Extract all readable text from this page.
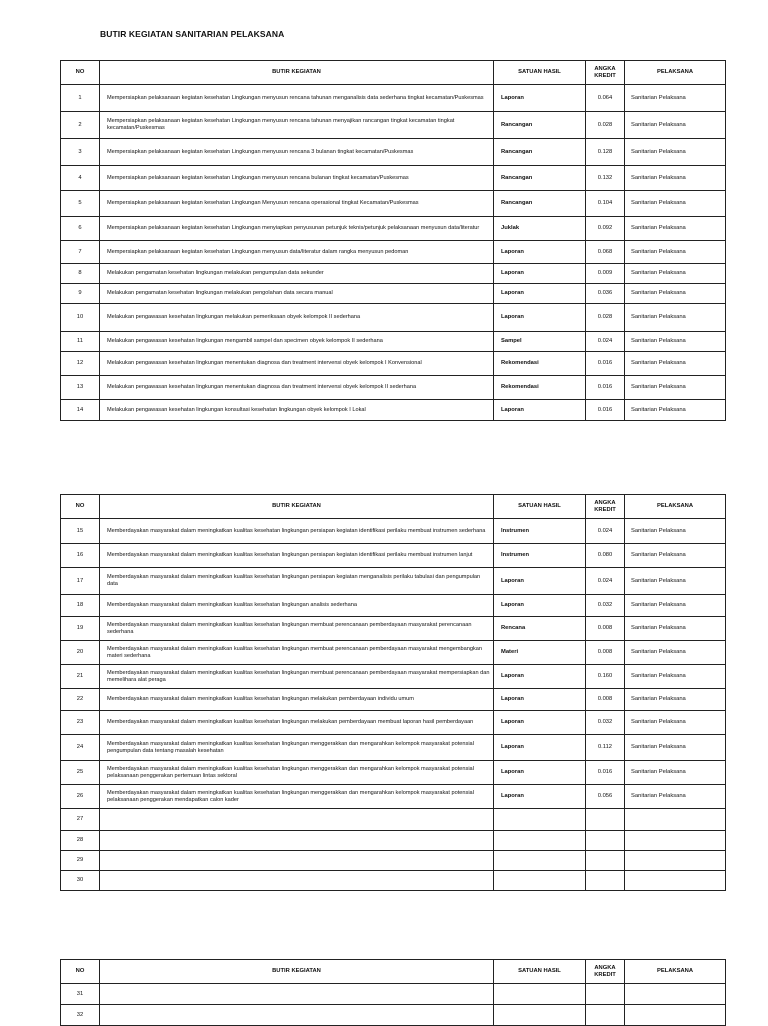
BUTIR KEGIATAN SANITARIAN PELAKSANA
NO	BUTIR KEGIATAN	SATUAN HASIL	ANGKA KREDIT	PELAKSANA
1	Mempersiapkan pelaksanaan kegiatan kesehatan Lingkungan menyusun rencana tahunan menganalisis data sederhana tingkat kecamatan/Puskesmas	Laporan	0.064	Sanitarian Pelaksana
2	Mempersiapkan pelaksanaan kegiatan kesehatan Lingkungan menyusun rencana tahunan menyajikan rancangan tingkat kecamatan tingkat kecamatan/Puskesmas	Rancangan	0.028	Sanitarian Pelaksana
3	Mempersiapkan pelaksanaan kegiatan kesehatan Lingkungan menyusun rencana 3 bulanan tingkat kecamatan/Puskesmas	Rancangan	0.128	Sanitarian Pelaksana
4	Mempersiapkan pelaksanaan kegiatan kesehatan Lingkungan menyusun rencana bulanan tingkat kecamatan/Puskesmas	Rancangan	0.132	Sanitarian Pelaksana
5	Mempersiapkan pelaksanaan kegiatan kesehatan Lingkungan Menyusun rencana operasional tingkat Kecamatan/Puskesmas	Rancangan	0.104	Sanitarian Pelaksana
6	Mempersiapkan pelaksanaan kegiatan kesehatan Lingkungan menyiapkan penyusunan petunjuk teknis/petunjuk pelaksanaan menyusun data/literatur	Juklak	0.092	Sanitarian Pelaksana
7	Mempersiapkan pelaksanaan kegiatan kesehatan Lingkungan menyusun data/literatur dalam rangka menyusun pedoman	Laporan	0.068	Sanitarian Pelaksana
8	Melakukan pengamatan kesehatan lingkungan melakukan pengumpulan data sekunder	Laporan	0.009	Sanitarian Pelaksana
9	Melakukan pengamatan kesehatan lingkungan melakukan pengolahan data secara manual	Laporan	0.036	Sanitarian Pelaksana
10	Melakukan pengawasan kesehatan lingkungan melakukan pemeriksaan obyek kelompok II sederhana	Laporan	0.028	Sanitarian Pelaksana
11	Melakukan pengawasan kesehatan lingkungan mengambil sampel dan specimen obyek kelompok II sederhana	Sampel	0.024	Sanitarian Pelaksana
12	Melakukan pengawasan kesehatan lingkungan menentukan diagnosa dan treatment intervensi obyek kelompok I Konvensional	Rekomendasi	0.016	Sanitarian Pelaksana
13	Melakukan pengawasan kesehatan lingkungan menentukan diagnosa dan treatment intervensi obyek kelompok II sederhana	Rekomendasi	0.016	Sanitarian Pelaksana
14	Melakukan pengawasan kesehatan lingkungan konsultasi kesehatan lingkungan obyek kelompok I Lokal	Laporan	0.016	Sanitarian Pelaksana
NO	BUTIR KEGIATAN	SATUAN HASIL	ANGKA KREDIT	PELAKSANA
15	Memberdayakan masyarakat dalam meningkatkan kualitas kesehatan lingkungan persiapan kegiatan identifikasi perilaku membuat instrumen sederhana	Instrumen	0.024	Sanitarian Pelaksana
16	Memberdayakan masyarakat dalam meningkatkan kualitas kesehatan lingkungan persiapan kegiatan identifikasi perilaku membuat instrumen lanjut	Instrumen	0.080	Sanitarian Pelaksana
17	Memberdayakan masyarakat dalam meningkatkan kualitas kesehatan lingkungan persiapan kegiatan menganalisis perilaku tabulasi dan pengumpulan data	Laporan	0.024	Sanitarian Pelaksana
18	Memberdayakan masyarakat dalam meningkatkan kualitas kesehatan lingkungan analisis sederhana	Laporan	0.032	Sanitarian Pelaksana
19	Memberdayakan masyarakat dalam meningkatkan kualitas kesehatan lingkungan membuat perencanaan pemberdayaan masyarakat perencanaan sederhana	Rencana	0.008	Sanitarian Pelaksana
20	Memberdayakan masyarakat dalam meningkatkan kualitas kesehatan lingkungan membuat perencanaan pemberdayaan masyarakat mengembangkan materi sederhana	Materi	0.008	Sanitarian Pelaksana
21	Memberdayakan masyarakat dalam meningkatkan kualitas kesehatan lingkungan membuat perencanaan pemberdayaan masyarakat mempersiapkan dan memelihara alat peraga	Laporan	0.160	Sanitarian Pelaksana
22	Memberdayakan masyarakat dalam meningkatkan kualitas kesehatan lingkungan melakukan pemberdayaan individu umum	Laporan	0.008	Sanitarian Pelaksana
23	Memberdayakan masyarakat dalam meningkatkan kualitas kesehatan lingkungan melakukan pemberdayaan membuat laporan hasil pemberdayaan	Laporan	0.032	Sanitarian Pelaksana
24	Memberdayakan masyarakat dalam meningkatkan kualitas kesehatan lingkungan menggerakkan dan mengarahkan kelompok masyarakat potensial pengumpulan data tentang masalah kesehatan	Laporan	0.112	Sanitarian Pelaksana
25	Memberdayakan masyarakat dalam meningkatkan kualitas kesehatan lingkungan menggerakkan dan mengarahkan kelompok masyarakat potensial pelaksanaan penggerakan pertemuan lintas sektoral	Laporan	0.016	Sanitarian Pelaksana
26	Memberdayakan masyarakat dalam meningkatkan kualitas kesehatan lingkungan menggerakkan dan mengarahkan kelompok masyarakat potensial pelaksanaan penggerakan mendapatkan calon kader	Laporan	0.056	Sanitarian Pelaksana
27				
28				
29				
30				
NO	BUTIR KEGIATAN	SATUAN HASIL	ANGKA KREDIT	PELAKSANA
31				
32				
